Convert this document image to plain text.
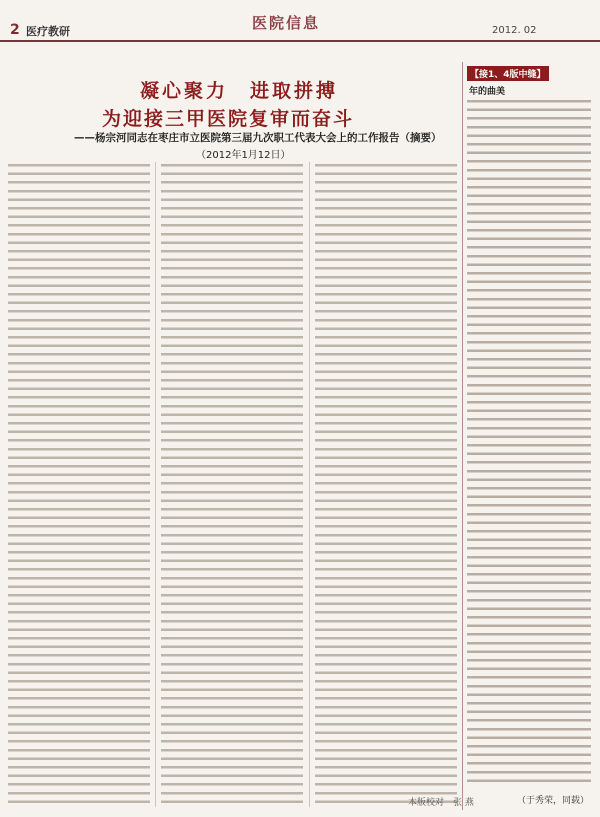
2 医疗教研	医院信息	2012. 02
凝心聚力　进取拼搏
为迎接三甲医院复审而奋斗
——杨宗河同志在枣庄市立医院第三届九次职工代表大会上的工作报告（摘要）
（2012年1月12日）
【接1、4版中缝】
年的曲美
（于秀荣，同载）
本版校对　张 燕
